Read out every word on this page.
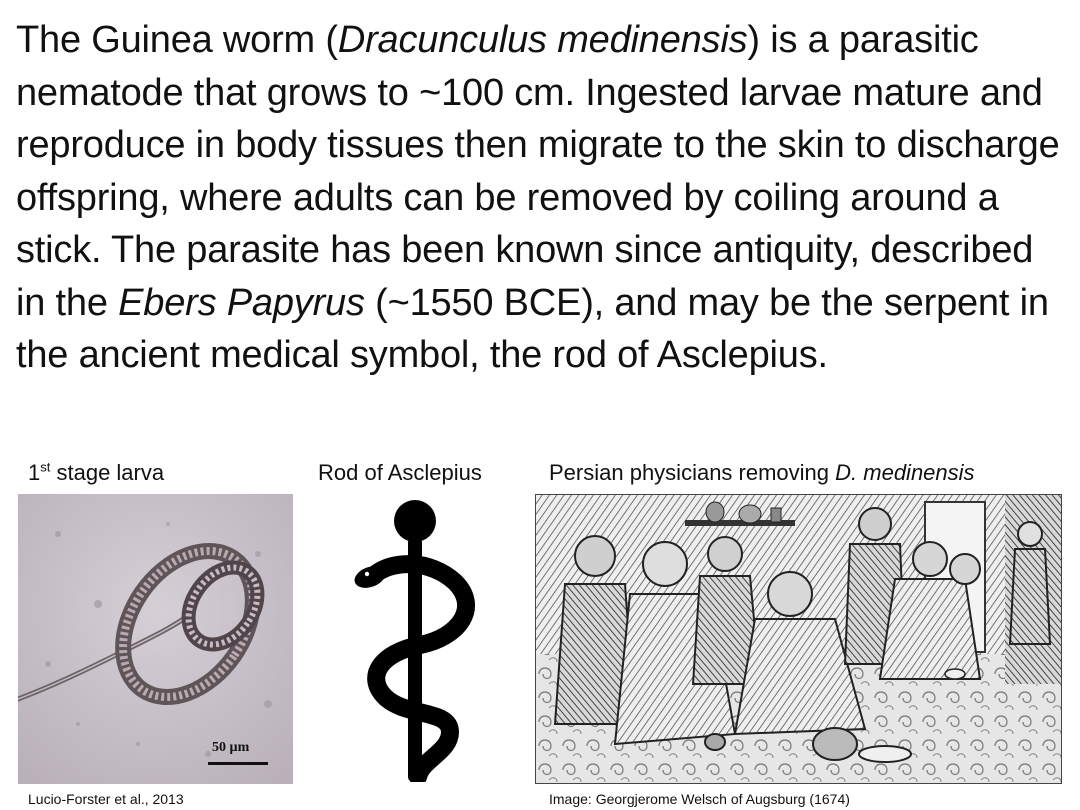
The Guinea worm (Dracunculus medinensis) is a parasitic nematode that grows to ~100 cm. Ingested larvae mature and reproduce in body tissues then migrate to the skin to discharge offspring, where adults can be removed by coiling around a stick. The parasite has been known since antiquity, described in the Ebers Papyrus (~1550 BCE), and may be the serpent in the ancient medical symbol, the rod of Asclepius.
1st stage larva	Rod of Asclepius	Persian physicians removing D. medinensis
50 µm
Lucio-Forster et al., 2013	Image: Georgjerome Welsch of Augsburg (1674)
